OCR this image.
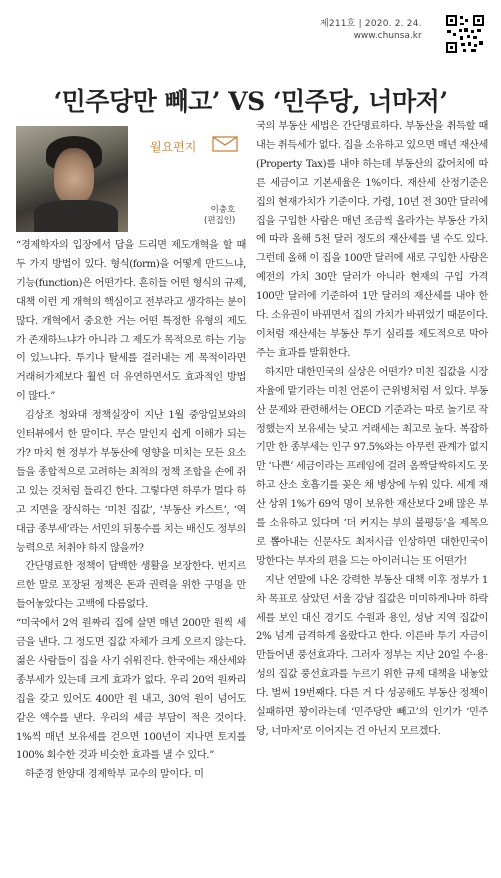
제211호 | 2020. 2. 24.
www.chunsa.kr
‘민주당만 빼고’ VS ‘민주당, 너마저’
월요편지
이충호
(편집인)

“경제학자의 입장에서 답을 드리면 제도개혁을 할 때 두 가지 방법이 있다. 형식(form)을 어떻게 만드느냐, 기능(function)은 어떤가다. 흔히들 어떤 형식의 규제, 대책 이런 게 개혁의 핵심이고 전부라고 생각하는 분이 많다. 개혁에서 중요한 거는 어떤 특정한 유형의 제도가 존재하느냐가 아니라 그 제도가 목적으로 하는 기능이 있느냐다. 투기나 탈세를 걸러내는 게 목적이라면 거래허가제보다 훨씬 더 유연하면서도 효과적인 방법이 많다.”

김상조 청와대 정책실장이 지난 1월 중앙일보와의 인터뷰에서 한 말이다. 무슨 말인지 쉽게 이해가 되는가? 마치 현 정부가 부동산에 영향을 미치는 모든 요소들을 종합적으로 고려하는 최적의 정책 조합을 손에 쥐고 있는 것처럼 들리긴 한다. 그렇다면 하루가 멀다 하고 지면을 장식하는 ‘미친 집값’, ‘부동산 카스트’, ‘역대급 종부세’라는 서민의 뒤통수를 치는 배신도 정부의 능력으로 처취야 하지 않을까?

간단명료한 정책이 담백한 생활을 보장한다. 번지르르한 말로 포장된 정책은 돈과 권력을 위한 구멍을 만들어놓았다는 고백에 다름없다.

“미국에서 2억 원짜리 집에 살면 매년 200만 원씩 세금을 낸다. 그 정도면 집값 자체가 크게 오르지 않는다. 젊은 사람들이 집을 사기 쉬워진다. 한국에는 재산세와 종부세가 있는데 크게 효과가 없다. 우리 20억 원짜리 집을 갖고 있어도 400만 원 내고, 30억 원이 넘어도 같은 액수를 낸다. 우리의 세금 부담이 적은 것이다. 1%씩 매년 보유세를 걷으면 100년이 지나면 토지를 100% 회수한 것과 비슷한 효과를 낼 수 있다.”

하준경 한양대 경제학부 교수의 말이다. 미

국의 부동산 세법은 간단명료하다. 부동산을 취득할 때 내는 취득세가 없다. 집을 소유하고 있으면 매년 재산세(Property Tax)를 내야 하는데 부동산의 값어치에 따른 세금이고 기본세율은 1%이다. 재산세 산정기준은 집의 현재가치가 기준이다. 가령, 10년 전 30만 달러에 집을 구입한 사람은 매년 조금씩 올라가는 부동산 가치에 따라 올해 5천 달러 정도의 재산세를 낼 수도 있다. 그런데 올해 이 집을 100만 달러에 새로 구입한 사람은 예전의 가치 30만 달러가 아니라 현재의 구입 가격 100만 달러에 기준하여 1만 달러의 재산세를 내야 한다. 소유권이 바뀌면서 집의 가치가 바뀌었기 때문이다. 이처럼 재산세는 부동산 투기 심리를 제도적으로 막아주는 효과를 발휘한다.

하지만 대한민국의 실상은 어떤가? 미친 집값을 시장 자율에 맡기라는 미친 언론이 근위병처럼 서 있다. 부동산 문제와 관련해서는 OECD 기준과는 따로 놀기로 작정했는지 보유세는 낮고 거래세는 최고로 높다. 복잡하기만 한 종부세는 인구 97.5%와는 아무런 관계가 없지만 ‘나쁜’ 세금이라는 프레임에 걸려 옴짝달싹하지도 못하고 산소 호흡기를 꽂은 채 병상에 누워 있다. 세계 재산 상위 1%가 69억 명이 보유한 재산보다 2배 많은 부를 소유하고 있다며 ‘더 커지는 부의 불평등’을 제목으로 뽑아내는 신문사도 최저시급 인상하면 대한민국이 망한다는 부자의 편을 드는 아이러니는 또 어떤가!

지난 연말에 나온 강력한 부동산 대책 이후 정부가 1차 목표로 삼았던 서울 강남 집값은 미미하게나마 하락세를 보인 대신 경기도 수원과 용인, 성남 지역 집값이 2% 넘게 급격하게 올랐다고 한다. 이른바 투기 자금이 만들어낸 풍선효과다. 그러자 정부는 지난 20일 수·용·성의 집값 풍선효과를 누르기 위한 규제 대책을 내놓았다. 벌써 19번째다. 다른 거 다 성공해도 부동산 정책이 실패하면 꽝이라는데 ‘민주당만 빼고’의 인기가 ‘민주당, 너마저’로 이어지는 건 아닌지 모르겠다.
